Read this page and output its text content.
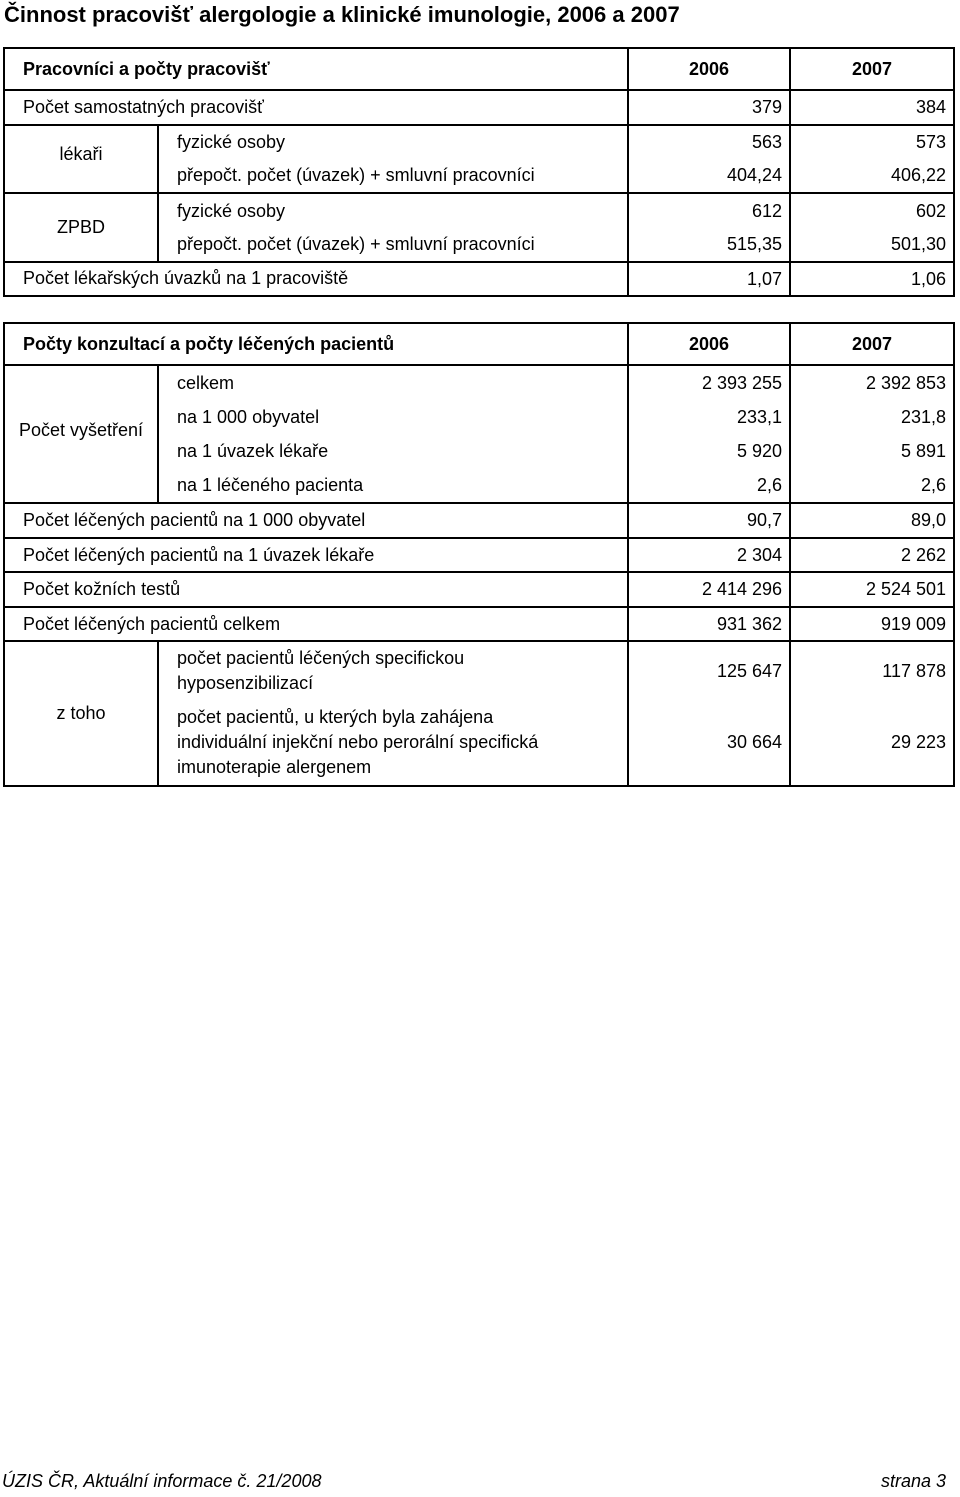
Činnost pracovišť alergologie a klinické imunologie, 2006 a 2007
Pracovníci a počty pracovišť		2006	2007
Počet samostatných pracovišť		379	384
lékaři	fyzické osoby	563	573
	přepočt. počet (úvazek) + smluvní pracovníci	404,24	406,22
ZPBD	fyzické osoby	612	602
	přepočt. počet (úvazek) + smluvní pracovníci	515,35	501,30
Počet lékařských úvazků na 1 pracoviště		1,07	1,06
Počty konzultací a počty léčených pacientů		2006	2007
Počet vyšetření	celkem	2 393 255	2 392 853
	na 1 000 obyvatel	233,1	231,8
	na 1 úvazek lékaře	5 920	5 891
	na 1 léčeného pacienta	2,6	2,6
Počet léčených pacientů na 1 000 obyvatel		90,7	89,0
Počet léčených pacientů na 1 úvazek lékaře		2 304	2 262
Počet kožních testů		2 414 296	2 524 501
Počet léčených pacientů celkem		931 362	919 009
z toho	počet pacientů léčených specifickou hyposenzibilizací	125 647	117 878
	počet pacientů, u kterých byla zahájena individuální injekční nebo perorální specifická imunoterapie alergenem	30 664	29 223
ÚZIS ČR, Aktuální informace č. 21/2008	strana 3
